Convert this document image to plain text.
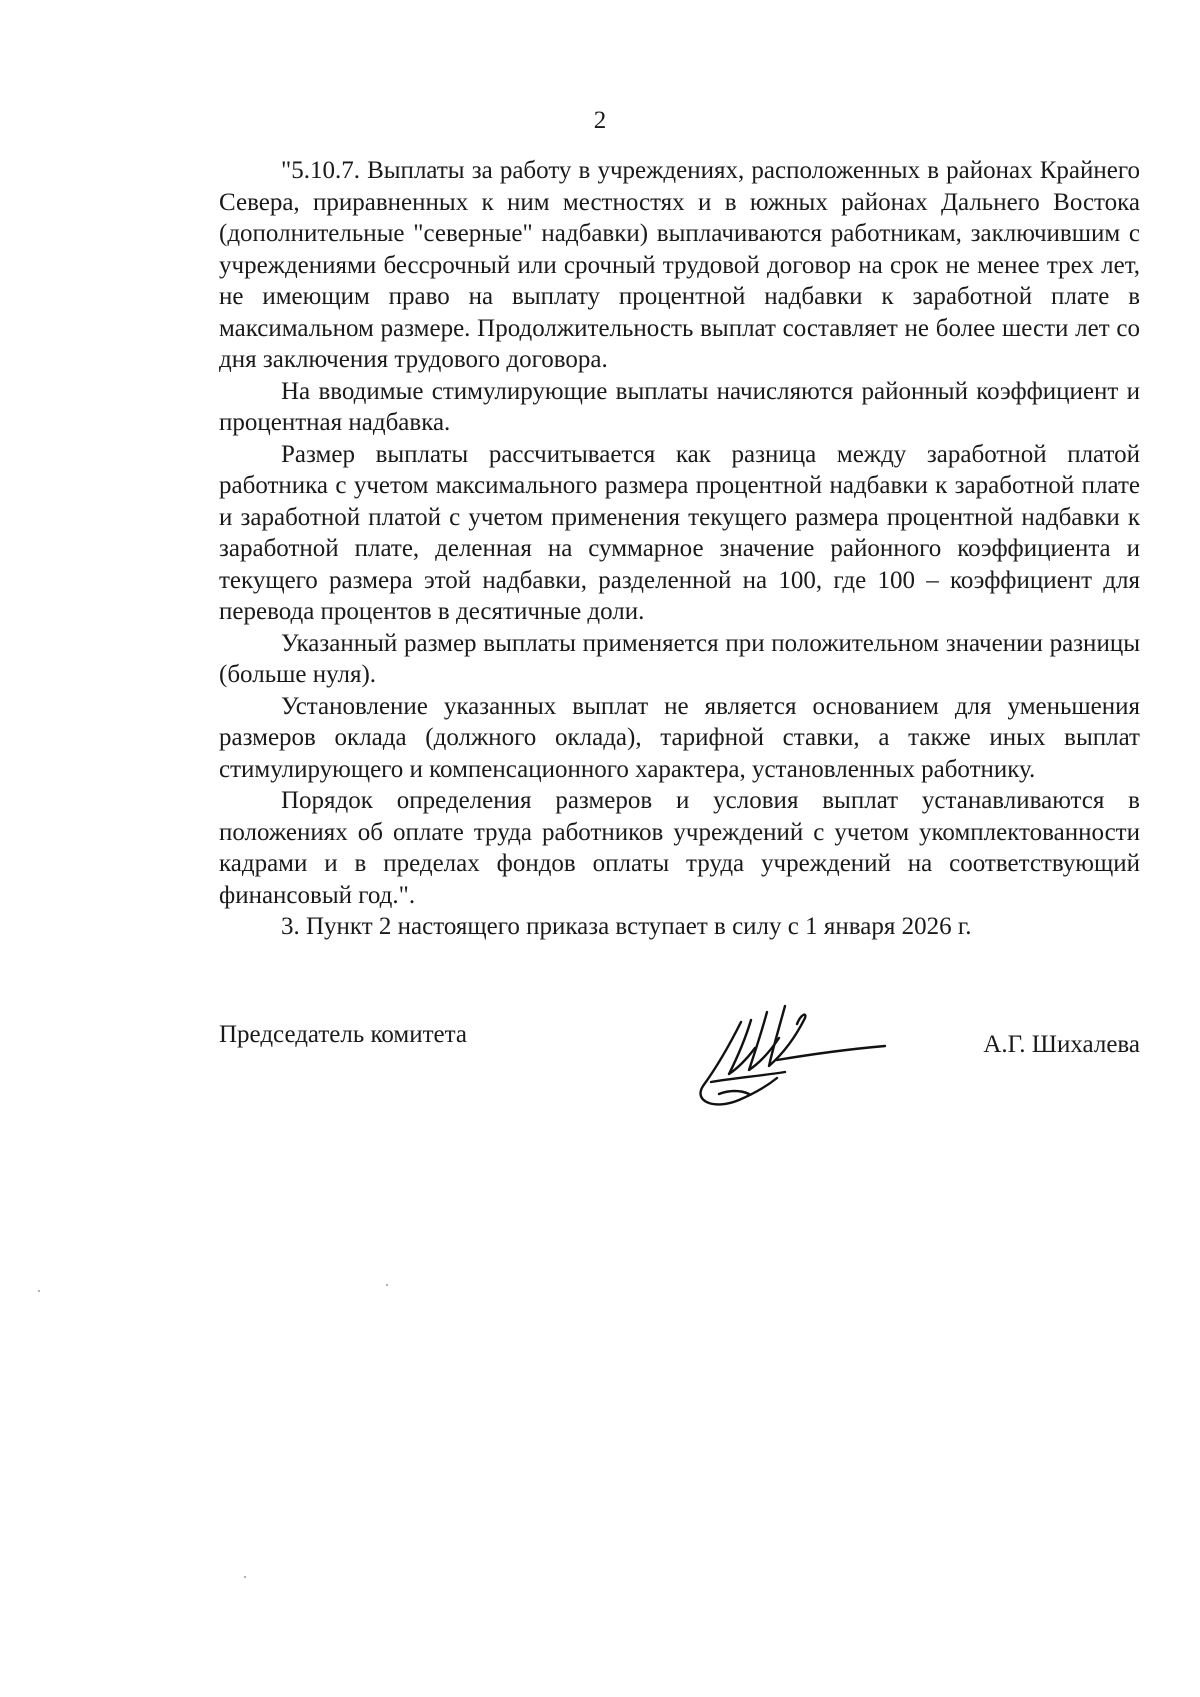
2

"5.10.7. Выплаты за работу в учреждениях, расположенных в районах Крайнего Севера, приравненных к ним местностях и в южных районах Дальнего Востока (дополнительные "северные" надбавки) выплачиваются работникам, заключившим с учреждениями бессрочный или срочный трудовой договор на срок не менее трех лет, не имеющим право на выплату процентной надбавки к заработной плате в максимальном размере. Продолжительность выплат составляет не более шести лет со дня заключения трудового договора.

На вводимые стимулирующие выплаты начисляются районный коэффициент и процентная надбавка.

Размер выплаты рассчитывается как разница между заработной платой работника с учетом максимального размера процентной надбавки к заработной плате и заработной платой с учетом применения текущего размера процентной надбавки к заработной плате, деленная на суммарное значение районного коэффициента и текущего размера этой надбавки, разделенной на 100, где 100 – коэффициент для перевода процентов в десятичные доли.

Указанный размер выплаты применяется при положительном значении разницы (больше нуля).

Установление указанных выплат не является основанием для уменьшения размеров оклада (должного оклада), тарифной ставки, а также иных выплат стимулирующего и компенсационного характера, установленных работнику.

Порядок определения размеров и условия выплат устанавливаются в положениях об оплате труда работников учреждений с учетом укомплектованности кадрами и в пределах фондов оплаты труда учреждений на соответствующий финансовый год.".

3. Пункт 2 настоящего приказа вступает в силу с 1 января 2026 г.

Председатель комитета	А.Г. Шихалева
